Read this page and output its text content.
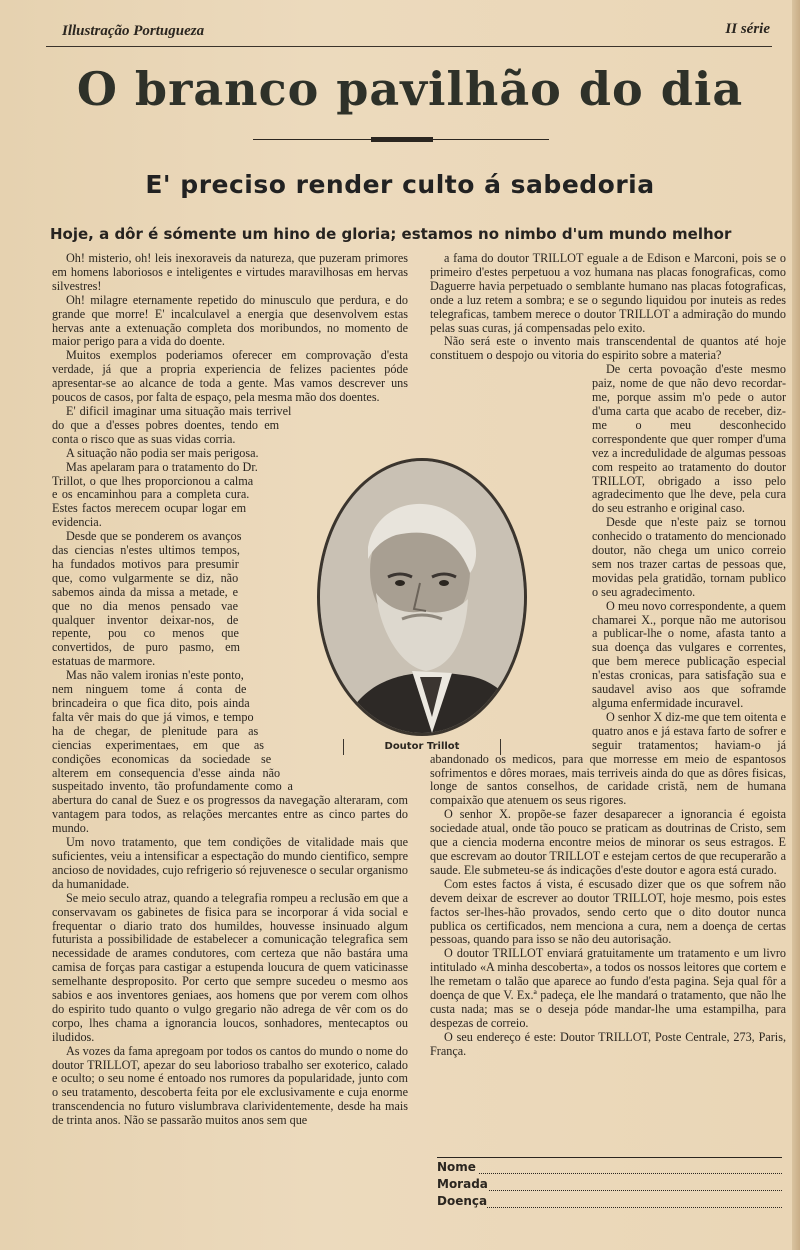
Illustração Portugueza	II série
O branco pavilhão do dia
E' preciso render culto á sabedoria
Hoje, a dôr é sómente um hino de gloria; estamos no nimbo d'um mundo melhor

Oh! misterio, oh! leis inexoraveis da natureza, que puzeram primores em homens laboriosos e inteligentes e virtudes maravilhosas em hervas silvestres!

Oh! milagre eternamente repetido do minusculo que perdura, e do grande que morre! E' incalculavel a energia que desenvolvem estas hervas ante a extenuação completa dos moribundos, no momento de maior perigo para a vida do doente.

Muitos exemplos poderiamos oferecer em comprovação d'esta verdade, já que a propria experiencia de felizes pacientes póde apresentar-se ao alcance de toda a gente. Mas vamos descrever uns poucos de casos, por falta de espaço, pela mesma mão dos doentes.

E' dificil imaginar uma situação mais terrivel do que a d'esses pobres doentes, tendo em conta o risco que as suas vidas corria.

A situação não podia ser mais perigosa.

Mas apelaram para o tratamento do Dr. Trillot, o que lhes proporcionou a calma e os encaminhou para a completa cura. Estes factos merecem ocupar logar em evidencia.

Desde que se ponderem os avanços das ciencias n'estes ultimos tempos, ha fundados motivos para presumir que, como vulgarmente se diz, não sabemos ainda da missa a metade, e que no dia menos pensado vae qualquer inventor deixar-nos, de repente, pou co menos que convertidos, de puro pasmo, em estatuas de marmore.

Mas não valem ironias n'este ponto, nem ninguem tome á conta de brincadeira o que fica dito, pois ainda falta vêr mais do que já vimos, e tempo ha de chegar, de plenitude para as ciencias experimentaes, em que as condições economicas da sociedade se alterem em consequencia d'esse ainda não suspeitado invento, tão profundamente como a abertura do canal de Suez e os progressos da navegação alteraram, com vantagem para todos, as relações mercantes entre as cinco partes do mundo.

Um novo tratamento, que tem condições de vitalidade mais que suficientes, veiu a intensificar a espectação do mundo cientifico, sempre ancioso de novidades, cujo refrigerio só rejuvenesce o secular organismo da humanidade.

Se meio seculo atraz, quando a telegrafia rompeu a reclusão em que a conservavam os gabinetes de fisica para se incorporar á vida social e frequentar o diario trato dos humildes, houvesse insinuado algum futurista a possibilidade de estabelecer a comunicação telegrafica sem necessidade de arames condutores, com certeza que não bastára uma camisa de forças para castigar a estupenda loucura de quem vaticinasse semelhante desproposito. Por certo que sempre sucedeu o mesmo aos sabios e aos inventores geniaes, aos homens que por verem com olhos do espirito tudo quanto o vulgo gregario não adrega de vêr com os do corpo, lhes chama a ignorancia loucos, sonhadores, mentecaptos ou iludidos.

As vozes da fama apregoam por todos os cantos do mundo o nome do doutor TRILLOT, apezar do seu laborioso trabalho ser exoterico, calado e oculto; o seu nome é entoado nos rumores da popularidade, junto com o seu tratamento, descoberta feita por ele exclusivamente e cuja enorme transcendencia no futuro vislumbrava clarividentemente, desde ha mais de trinta anos. Não se passarão muitos anos sem que

a fama do doutor TRILLOT eguale a de Edison e Marconi, pois se o primeiro d'estes perpetuou a voz humana nas placas fonograficas, como Daguerre havia perpetuado o semblante humano nas placas fotograficas, onde a luz retem a sombra; e se o segundo liquidou por inuteis as redes telegraficas, tambem merece o doutor TRILLOT a admiração do mundo pelas suas curas, já compensadas pelo exito.

Não será este o invento mais transcendental de quantos até hoje constituem o despojo ou vitoria do espirito sobre a materia?

De certa povoação d'este mesmo paiz, nome de que não devo recordar-me, porque assim m'o pede o autor d'uma carta que acabo de receber, diz-me o meu desconhecido correspondente que quer romper d'uma vez a incredulidade de algumas pessoas com respeito ao tratamento do doutor TRILLOT, obrigado a isso pelo agradecimento que lhe deve, pela cura do seu estranho e original caso.

Desde que n'este paiz se tornou conhecido o tratamento do mencionado doutor, não chega um unico correio sem nos trazer cartas de pessoas que, movidas pela gratidão, tornam publico o seu agradecimento.

O meu novo correspondente, a quem chamarei X., porque não me autorisou a publicar-lhe o nome, afasta tanto a sua doença das vulgares e correntes, que bem merece publicação especial n'estas cronicas, para satisfação sua e saudavel aviso aos que soframde alguma enfermidade incuravel.

O senhor X diz-me que tem oitenta e quatro anos e já estava farto de sofrer e seguir tratamentos; haviam-o já abandonado os medicos, para que morresse em meio de espantosos sofrimentos e dôres moraes, mais terriveis ainda do que as dôres fisicas, longe de santos conselhos, de caridade cristã, nem de humana compaixão que atenuem os seus rigores.

O senhor X. propõe-se fazer desaparecer a ignorancia é egoista sociedade atual, onde tão pouco se praticam as doutrinas de Cristo, sem que a ciencia moderna encontre meios de minorar os seus estragos. E que escrevam ao doutor TRILLOT e estejam certos de que recuperarão a saude. Ele submeteu-se ás indicações d'este doutor e agora está curado.

Com estes factos á vista, é escusado dizer que os que sofrem não devem deixar de escrever ao doutor TRILLOT, hoje mesmo, pois estes factos ser-lhes-hão provados, sendo certo que o dito doutor nunca publica os certificados, nem menciona a cura, nem a doença de certas pessoas, quando para isso se não deu autorisação.

O doutor TRILLOT enviará gratuitamente um tratamento e um livro intitulado «A minha descoberta», a todos os nossos leitores que cortem e lhe remetam o talão que aparece ao fundo d'esta pagina. Seja qual fôr a doença de que V. Ex.ª padeça, ele lhe mandará o tratamento, que não lhe custa nada; mas se o deseja póde mandar-lhe uma estampilha, para despezas de correio.

O seu endereço é este: Doutor TRILLOT, Poste Centrale, 273, Paris, França.

Doutor Trillot
Nome
Morada
Doença
